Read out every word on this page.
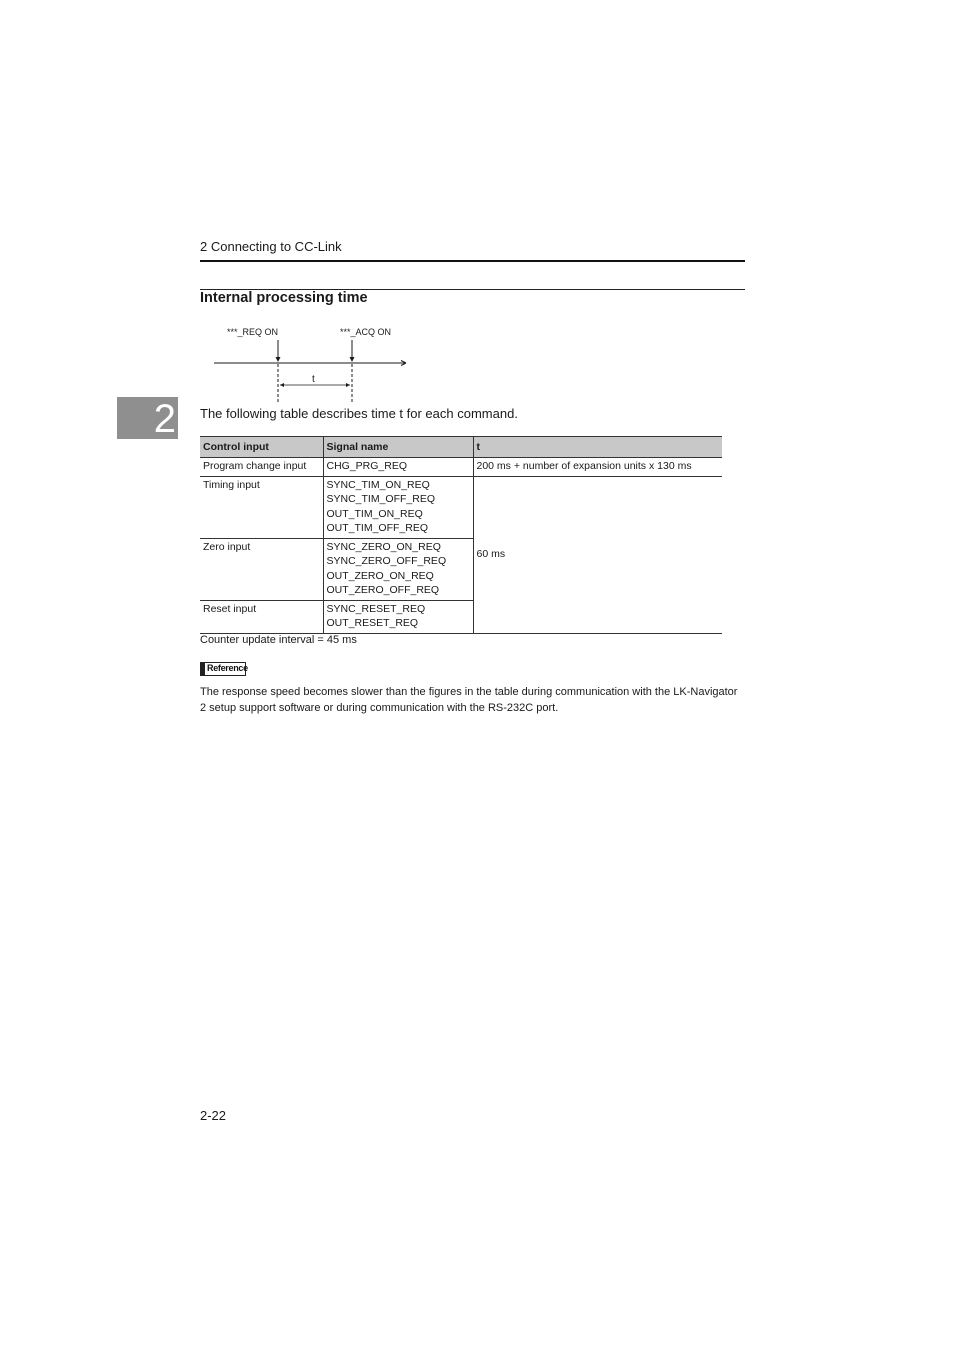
2 Connecting to CC-Link
Internal processing time
2
***_REQ ON	***_ACQ ON
t
The following table describes time t for each command.
Control input	Signal name	t
Program change input	CHG_PRG_REQ	200 ms + number of expansion units x 130 ms
Timing input	SYNC_TIM_ON_REQ
SYNC_TIM_OFF_REQ
OUT_TIM_ON_REQ
OUT_TIM_OFF_REQ	60 ms
Zero input	SYNC_ZERO_ON_REQ
SYNC_ZERO_OFF_REQ
OUT_ZERO_ON_REQ
OUT_ZERO_OFF_REQ	

Reset input	SYNC_RESET_REQ
OUT_RESET_REQ	
Counter update interval = 45 ms
Reference
The response speed becomes slower than the figures in the table during communication with the LK-Navigator 2 setup support software or during communication with the RS-232C port.
2-22
